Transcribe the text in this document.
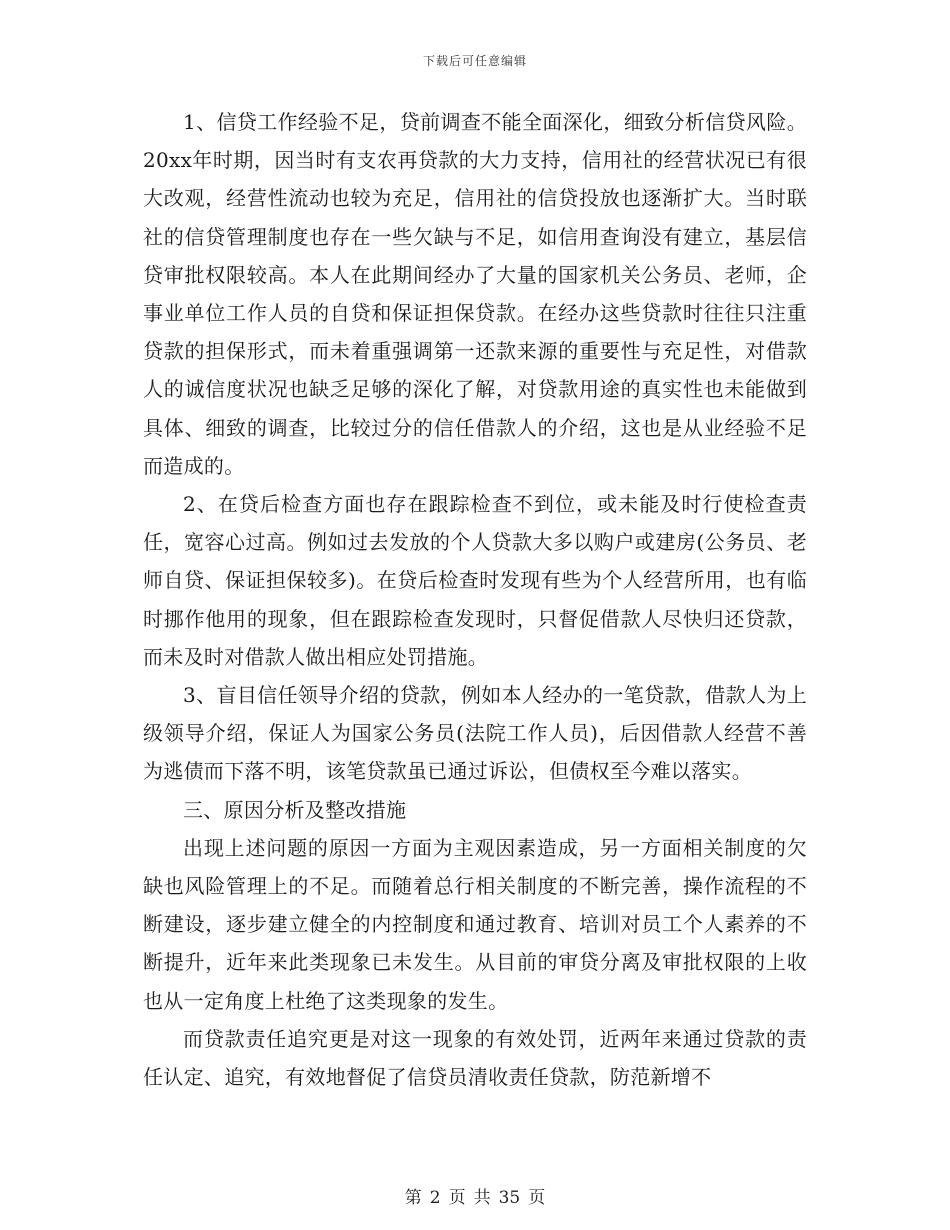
下载后可任意编辑

1、信贷工作经验不足，贷前调查不能全面深化，细致分析信贷风险。20xx年时期，因当时有支农再贷款的大力支持，信用社的经营状况已有很大改观，经营性流动也较为充足，信用社的信贷投放也逐渐扩大。当时联社的信贷管理制度也存在一些欠缺与不足，如信用查询没有建立，基层信贷审批权限较高。本人在此期间经办了大量的国家机关公务员、老师，企事业单位工作人员的自贷和保证担保贷款。在经办这些贷款时往往只注重贷款的担保形式，而未着重强调第一还款来源的重要性与充足性，对借款人的诚信度状况也缺乏足够的深化了解，对贷款用途的真实性也未能做到具体、细致的调查，比较过分的信任借款人的介绍，这也是从业经验不足而造成的。

2、在贷后检查方面也存在跟踪检查不到位，或未能及时行使检查责任，宽容心过高。例如过去发放的个人贷款大多以购户或建房(公务员、老师自贷、保证担保较多)。在贷后检查时发现有些为个人经营所用，也有临时挪作他用的现象，但在跟踪检查发现时，只督促借款人尽快归还贷款，而未及时对借款人做出相应处罚措施。

3、盲目信任领导介绍的贷款，例如本人经办的一笔贷款，借款人为上级领导介绍，保证人为国家公务员(法院工作人员)，后因借款人经营不善为逃债而下落不明，该笔贷款虽已通过诉讼，但债权至今难以落实。

三、原因分析及整改措施

出现上述问题的原因一方面为主观因素造成，另一方面相关制度的欠缺也风险管理上的不足。而随着总行相关制度的不断完善，操作流程的不断建设，逐步建立健全的内控制度和通过教育、培训对员工个人素养的不断提升，近年来此类现象已未发生。从目前的审贷分离及审批权限的上收也从一定角度上杜绝了这类现象的发生。

而贷款责任追究更是对这一现象的有效处罚，近两年来通过贷款的责任认定、追究，有效地督促了信贷员清收责任贷款，防范新增不

第 2 页 共 35 页
